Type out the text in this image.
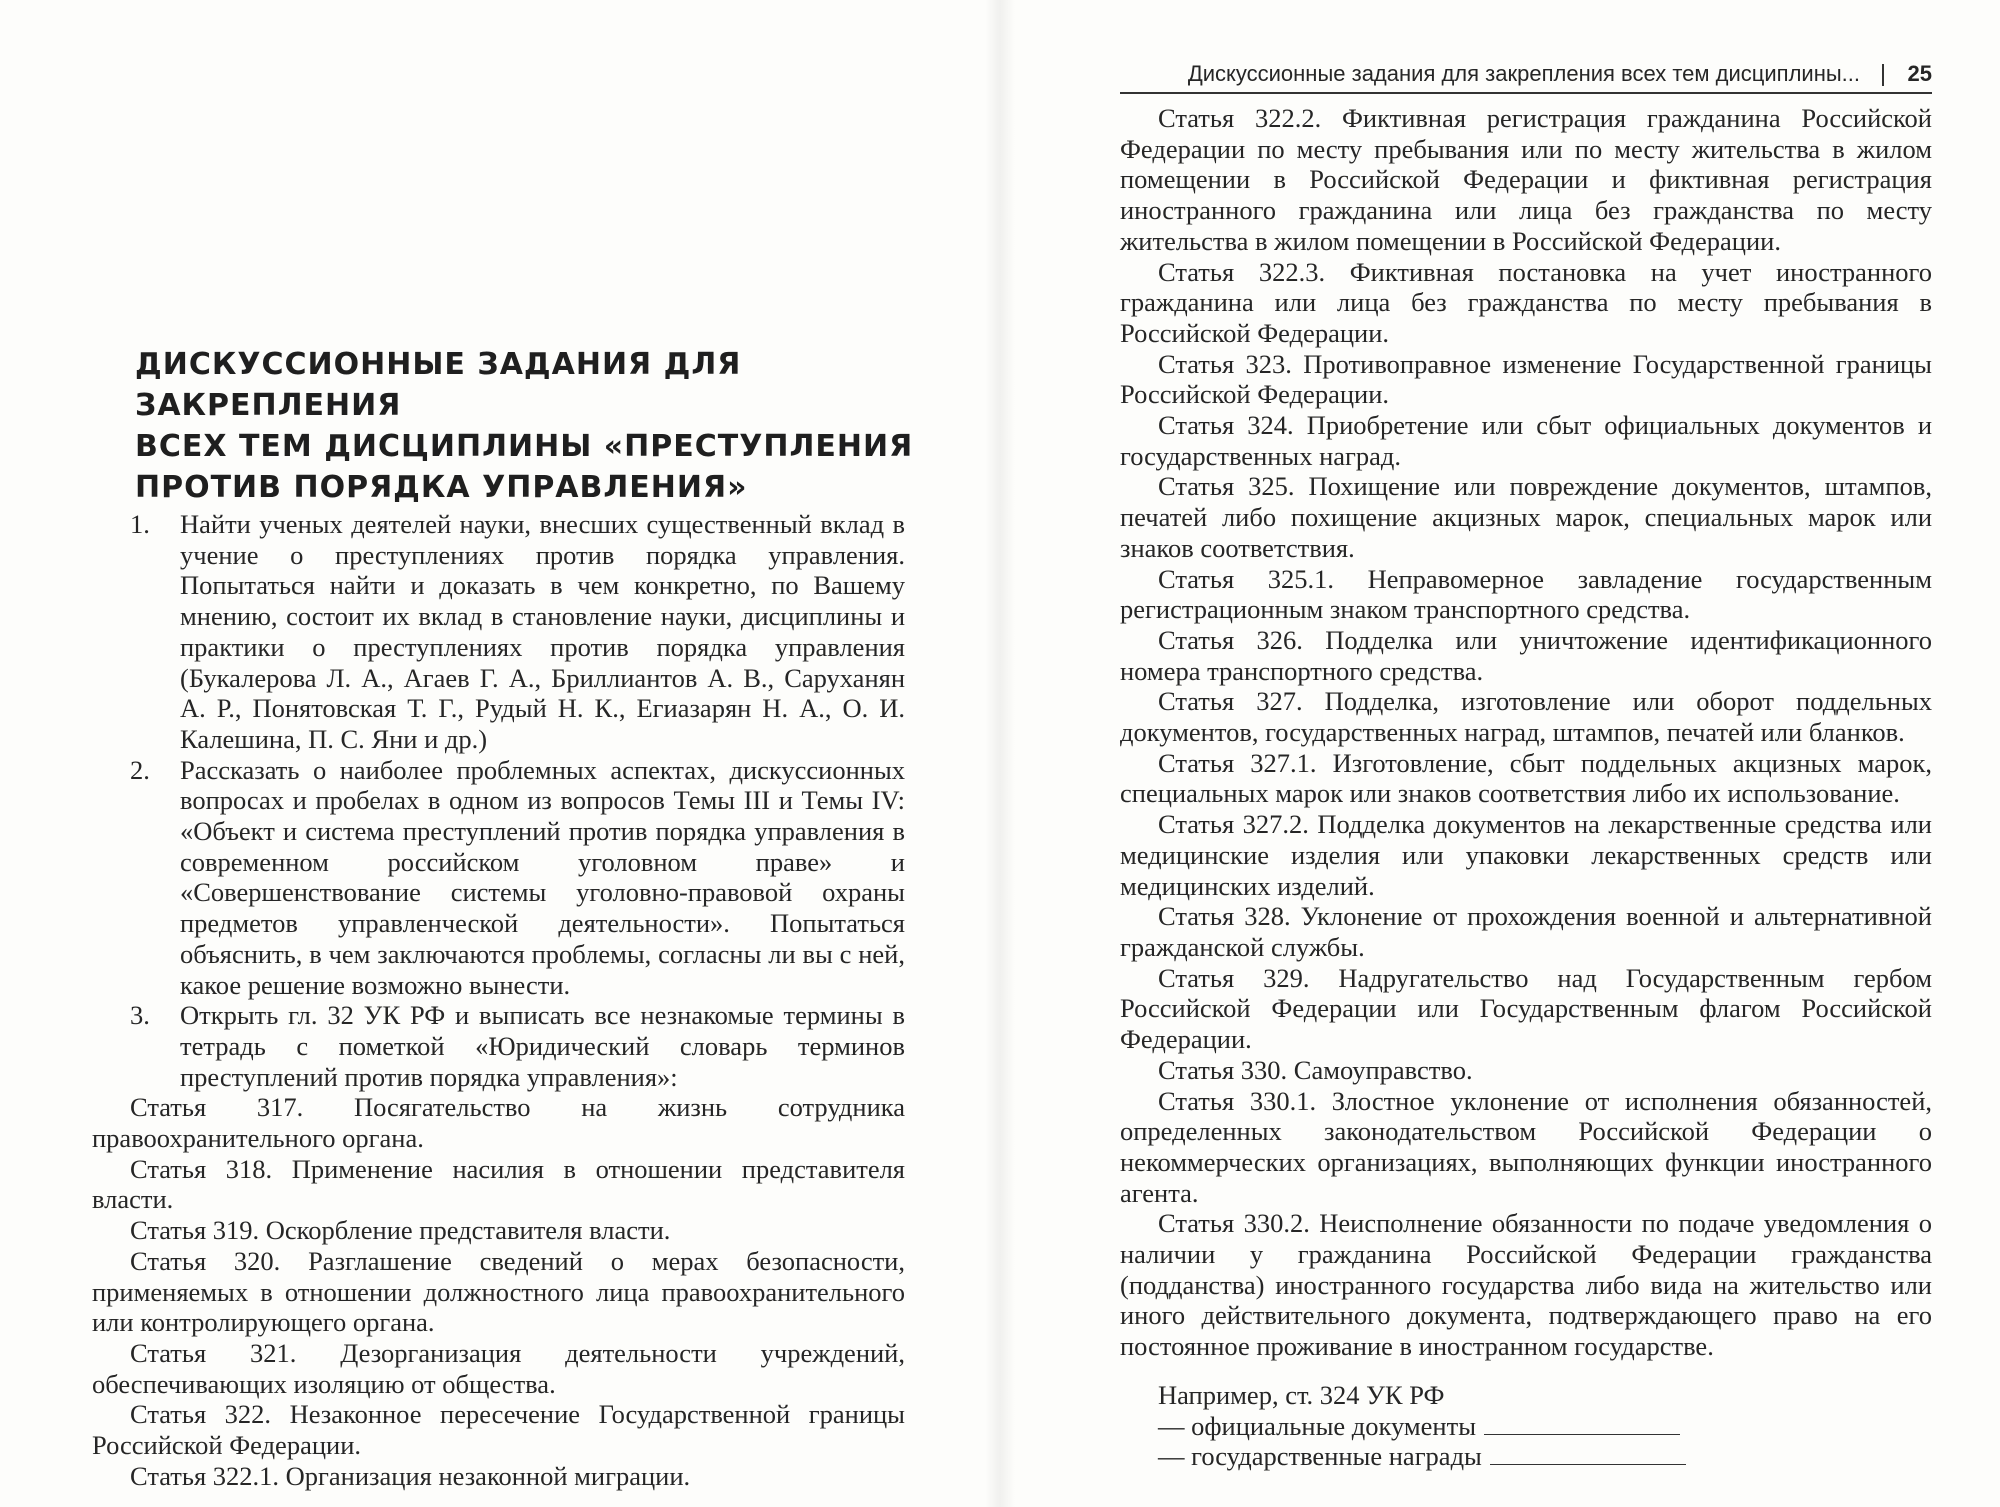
ДИСКУССИОННЫЕ ЗАДАНИЯ ДЛЯ ЗАКРЕПЛЕНИЯ
ВСЕХ ТЕМ ДИСЦИПЛИНЫ «ПРЕСТУПЛЕНИЯ
ПРОТИВ ПОРЯДКА УПРАВЛЕНИЯ»
1. Найти ученых деятелей науки, внесших существенный вклад в учение о преступлениях против порядка управления. Попытаться найти и доказать в чем конкретно, по Вашему мнению, состоит их вклад в становление науки, дисциплины и практики о преступлениях против порядка управления (Букалерова Л. А., Агаев Г. А., Бриллиантов А. В., Саруханян А. Р., Понятовская Т. Г., Рудый Н. К., Егиазарян Н. А., О. И. Калешина, П. С. Яни и др.)
2. Рассказать о наиболее проблемных аспектах, дискуссионных вопросах и пробелах в одном из вопросов Темы III и Темы IV: «Объект и система преступлений против порядка управления в современном российском уголовном праве» и «Совершенствование системы уголовно-правовой охраны предметов управленческой деятельности». Попытаться объяснить, в чем заключаются проблемы, согласны ли вы с ней, какое решение возможно вынести.
3. Открыть гл. 32 УК РФ и выписать все незнакомые термины в тетрадь с пометкой «Юридический словарь терминов преступлений против порядка управления»:
Статья 317. Посягательство на жизнь сотрудника правоохранительного органа.
Статья 318. Применение насилия в отношении представителя власти.
Статья 319. Оскорбление представителя власти.
Статья 320. Разглашение сведений о мерах безопасности, применяемых в отношении должностного лица правоохранительного или контролирующего органа.
Статья 321. Дезорганизация деятельности учреждений, обеспечивающих изоляцию от общества.
Статья 322. Незаконное пересечение Государственной границы Российской Федерации.
Статья 322.1. Организация незаконной миграции.
Дискуссионные задания для закрепления всех тем дисциплины... 25
Статья 322.2. Фиктивная регистрация гражданина Российской Федерации по месту пребывания или по месту жительства в жилом помещении в Российской Федерации и фиктивная регистрация иностранного гражданина или лица без гражданства по месту жительства в жилом помещении в Российской Федерации.
Статья 322.3. Фиктивная постановка на учет иностранного гражданина или лица без гражданства по месту пребывания в Российской Федерации.
Статья 323. Противоправное изменение Государственной границы Российской Федерации.
Статья 324. Приобретение или сбыт официальных документов и государственных наград.
Статья 325. Похищение или повреждение документов, штампов, печатей либо похищение акцизных марок, специальных марок или знаков соответствия.
Статья 325.1. Неправомерное завладение государственным регистрационным знаком транспортного средства.
Статья 326. Подделка или уничтожение идентификационного номера транспортного средства.
Статья 327. Подделка, изготовление или оборот поддельных документов, государственных наград, штампов, печатей или бланков.
Статья 327.1. Изготовление, сбыт поддельных акцизных марок, специальных марок или знаков соответствия либо их использование.
Статья 327.2. Подделка документов на лекарственные средства или медицинские изделия или упаковки лекарственных средств или медицинских изделий.
Статья 328. Уклонение от прохождения военной и альтернативной гражданской службы.
Статья 329. Надругательство над Государственным гербом Российской Федерации или Государственным флагом Российской Федерации.
Статья 330. Самоуправство.
Статья 330.1. Злостное уклонение от исполнения обязанностей, определенных законодательством Российской Федерации о некоммерческих организациях, выполняющих функции иностранного агента.
Статья 330.2. Неисполнение обязанности по подаче уведомления о наличии у гражданина Российской Федерации гражданства (подданства) иностранного государства либо вида на жительство или иного действительного документа, подтверждающего право на его постоянное проживание в иностранном государстве.
Например, ст. 324 УК РФ
— официальные документы
— государственные награды
